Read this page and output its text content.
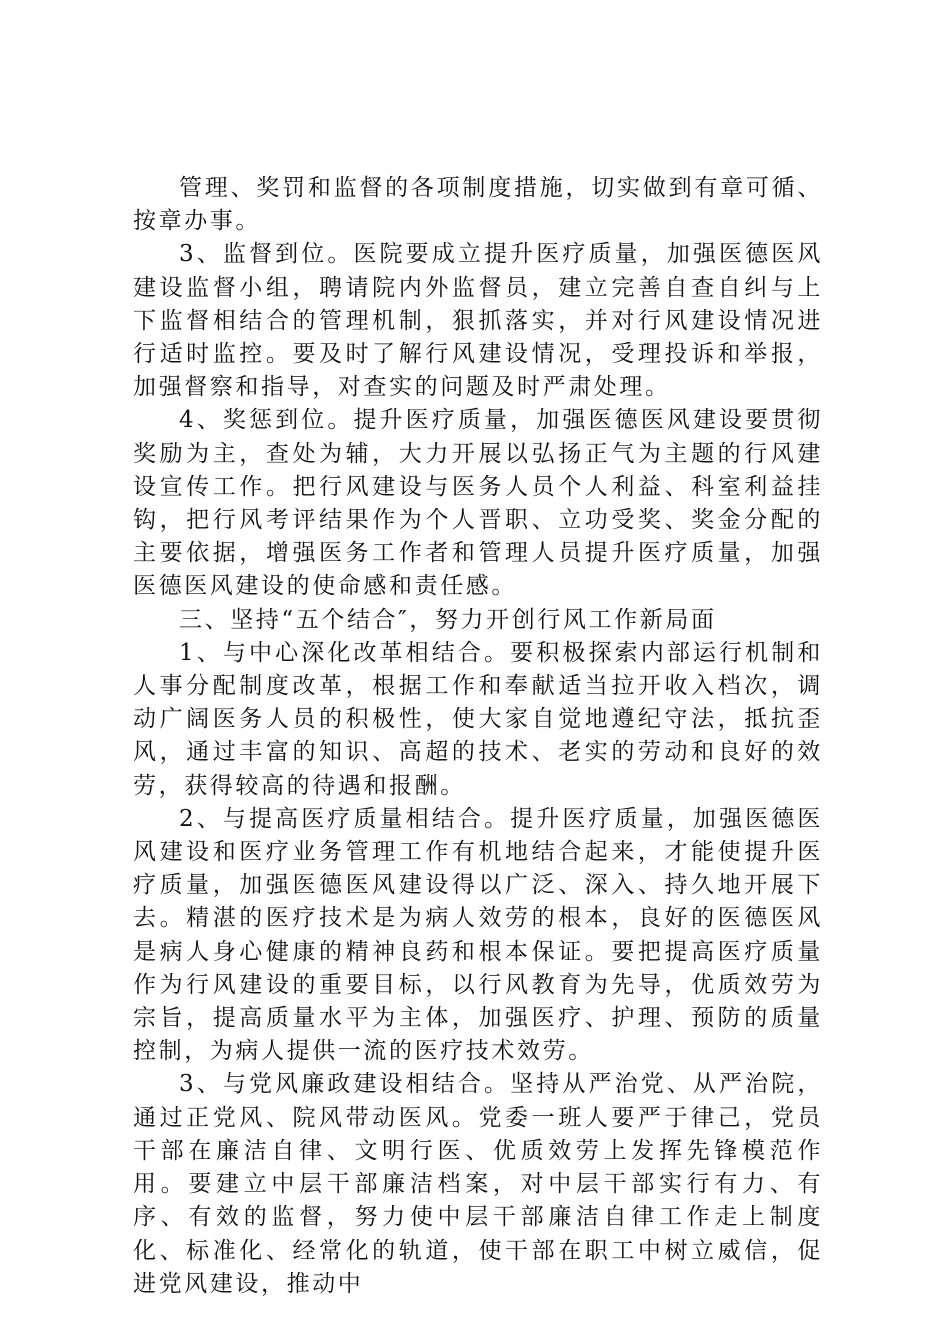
管理、奖罚和监督的各项制度措施，切实做到有章可循、按章办事。

3、监督到位。医院要成立提升医疗质量，加强医德医风建设监督小组，聘请院内外监督员，建立完善自查自纠与上下监督相结合的管理机制，狠抓落实，并对行风建设情况进行适时监控。要及时了解行风建设情况，受理投诉和举报，加强督察和指导，对查实的问题及时严肃处理。

4、奖惩到位。提升医疗质量，加强医德医风建设要贯彻奖励为主，查处为辅，大力开展以弘扬正气为主题的行风建设宣传工作。把行风建设与医务人员个人利益、科室利益挂钩，把行风考评结果作为个人晋职、立功受奖、奖金分配的主要依据，增强医务工作者和管理人员提升医疗质量，加强医德医风建设的使命感和责任感。

三、坚持“五个结合″，努力开创行风工作新局面

1、与中心深化改革相结合。要积极探索内部运行机制和人事分配制度改革，根据工作和奉献适当拉开收入档次，调动广阔医务人员的积极性，使大家自觉地遵纪守法，抵抗歪风，通过丰富的知识、高超的技术、老实的劳动和良好的效劳，获得较高的待遇和报酬。

2、与提高医疗质量相结合。提升医疗质量，加强医德医风建设和医疗业务管理工作有机地结合起来，才能使提升医疗质量，加强医德医风建设得以广泛、深入、持久地开展下去。精湛的医疗技术是为病人效劳的根本，良好的医德医风是病人身心健康的精神良药和根本保证。要把提高医疗质量作为行风建设的重要目标，以行风教育为先导，优质效劳为宗旨，提高质量水平为主体，加强医疗、护理、预防的质量控制，为病人提供一流的医疗技术效劳。

3、与党风廉政建设相结合。坚持从严治党、从严治院，通过正党风、院风带动医风。党委一班人要严于律己，党员干部在廉洁自律、文明行医、优质效劳上发挥先锋模范作用。要建立中层干部廉洁档案，对中层干部实行有力、有序、有效的监督，努力使中层干部廉洁自律工作走上制度化、标准化、经常化的轨道，使干部在职工中树立威信，促进党风建设，推动中
